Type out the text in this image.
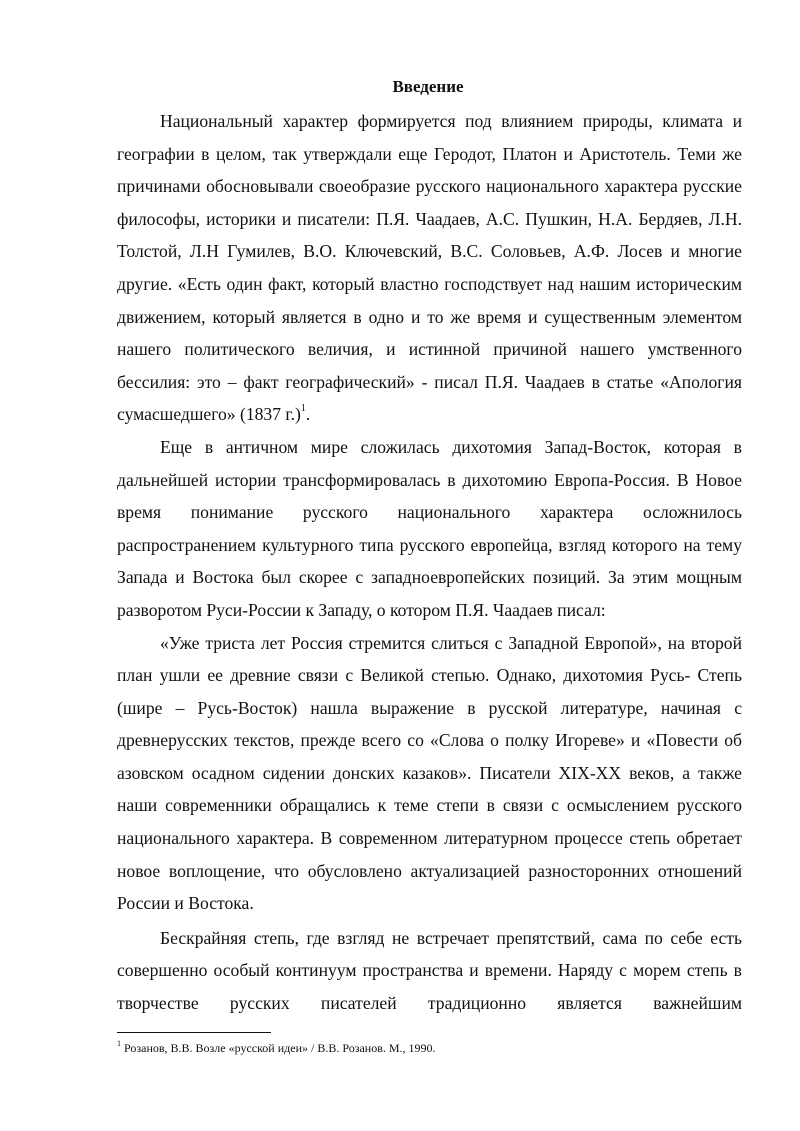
Введение

Национальный характер формируется под влиянием природы, климата и географии в целом, так утверждали еще Геродот, Платон и Аристотель. Теми же причинами обосновывали своеобразие русского национального характера русские философы, историки и писатели: П.Я. Чаадаев, А.С. Пушкин, Н.А. Бердяев, Л.Н. Толстой, Л.Н Гумилев, В.О. Ключевский, В.С. Соловьев, А.Ф. Лосев и многие другие. «Есть один факт, который властно господствует над нашим историческим движением, который является в одно и то же время и существенным элементом нашего политического величия, и истинной причиной нашего умственного бессилия: это – факт географический» - писал П.Я. Чаадаев в статье «Апология сумасшедшего» (1837 г.)$^1$.

Еще в античном мире сложилась дихотомия Запад-Восток, которая в дальнейшей истории трансформировалась в дихотомию Европа-Россия. В Новое время понимание русского национального характера осложнилось распространением культурного типа русского европейца, взгляд которого на тему Запада и Востока был скорее с западноевропейских позиций. За этим мощным разворотом Руси-России к Западу, о котором П.Я. Чаадаев писал:

«Уже триста лет Россия стремится слиться с Западной Европой», на второй план ушли ее древние связи с Великой степью. Однако, дихотомия Русь- Степь (шире – Русь-Восток) нашла выражение в русской литературе, начиная с древнерусских текстов, прежде всего со «Слова о полку Игореве» и «Повести об азовском осадном сидении донских казаков». Писатели XIX-XX веков, а также наши современники обращались к теме степи в связи с осмыслением русского национального характера. В современном литературном процессе степь обретает новое воплощение, что обусловлено актуализацией разносторонних отношений России и Востока.

Бескрайняя степь, где взгляд не встречает препятствий, сама по себе есть совершенно особый континуум пространства и времени. Наряду с морем степь в творчестве русских писателей традиционно является важнейшим

$^1$ Розанов, В.В. Возле «русской идеи» / В.В. Розанов. М., 1990.
